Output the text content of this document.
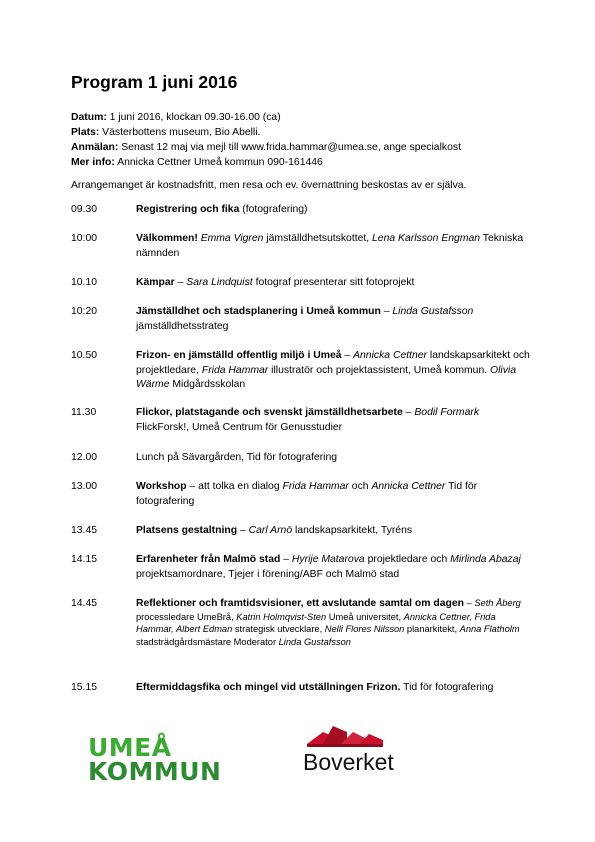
Program 1 juni 2016
Datum: 1 juni 2016, klockan 09.30-16.00 (ca)
Plats: Västerbottens museum, Bio Abelli.
Anmälan: Senast 12 maj via mejl till www.frida.hammar@umea.se, ange specialkost
Mer info: Annicka Cettner Umeå kommun 090-161446
Arrangemanget är kostnadsfritt, men resa och ev. övernattning beskostas av er själva.
09.30	Registrering och fika (fotografering)
10:00	Välkommen! Emma Vigren jämställdhetsutskottet, Lena Karlsson Engman Tekniska nämnden
10.10	Kämpar – Sara Lindquist fotograf presenterar sitt fotoprojekt
10:20	Jämställdhet och stadsplanering i Umeå kommun – Linda Gustafsson jämställdhetsstrateg
10.50	Frizon- en jämställd offentlig miljö i Umeå – Annicka Cettner landskapsarkitekt och projektledare, Frida Hammar illustratör och projektassistent, Umeå kommun. Olivia Wärme Midgårdsskolan
11.30	Flickor, platstagande och svenskt jämställdhetsarbete – Bodil Formark FlickForsk!, Umeå Centrum för Genusstudier
12.00	Lunch på Sävargården, Tid för fotografering
13.00	Workshop – att tolka en dialog Frida Hammar och Annicka Cettner Tid för fotografering
13.45	Platsens gestaltning – Carl Arnö landskapsarkitekt, Tyréns
14.15	Erfarenheter från Malmö stad – Hyrije Matarova projektledare och Mirlinda Abazaj projektsamordnare, Tjejer i förening/ABF och Malmö stad
14.45	Reflektioner och framtidsvisioner, ett avslutande samtal om dagen – Seth Åberg processledare UmeBrå, Katrin Holmqvist-Sten Umeå universitet, Annicka Cettner, Frida Hammar, Albert Edman strategisk utvecklare, Nelli Flores Nilsson planarkitekt, Anna Flatholm stadsträdgårdsmästare Moderator Linda Gustafsson
15.15	Eftermiddagsfika och mingel vid utställningen Frizon. Tid för fotografering
UMEÅ
KOMMUN	Boverket
